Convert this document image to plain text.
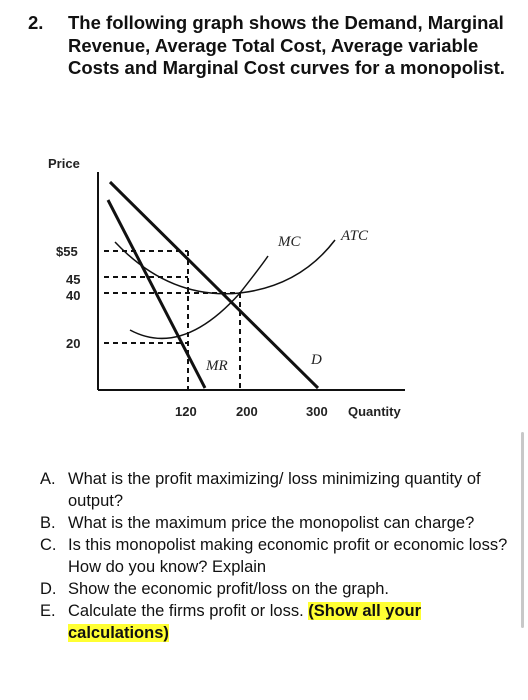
2.	The following graph shows the Demand, Marginal Revenue, Average Total Cost, Average variable Costs and Marginal Cost curves for a monopolist.
Price
Quantity
$55
45
40
20
120	200	300
MC	ATC
MR	D
A. What is the profit maximizing/ loss minimizing quantity of output?
B. What is the maximum price the monopolist can charge?
C. Is this monopolist making economic profit or economic loss? How do you know? Explain
D. Show the economic profit/loss on the graph.
E. Calculate the firms profit or loss. (Show all your calculations)
